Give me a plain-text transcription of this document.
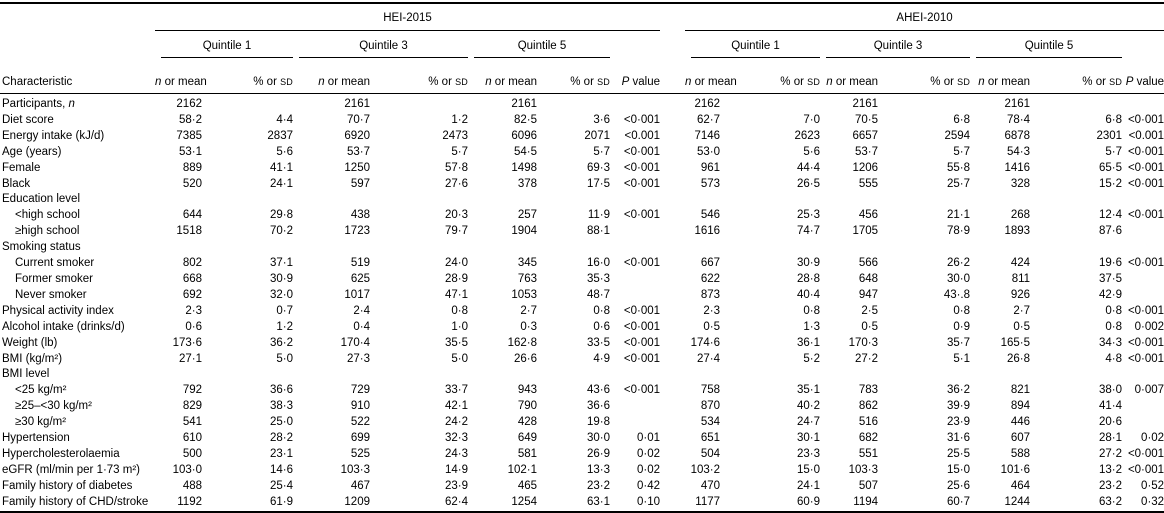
	HEI-2015								AHEI-2010						

	Quintile 1		Quintile 3		Quintile 5				Quintile 1		Quintile 3		Quintile 5		

Characteristic	n or mean	% or SD	n or mean	% or SD	n or mean	% or SD	P value		n or mean	% or SD	n or mean	% or SD	n or mean	% or SD	P value
Participants, n	2162		2161		2161				2162		2161		2161		
Diet score	58·2	4·4	70·7	1·2	82·5	3·6	<0·001		62·7	7·0	70·5	6·8	78·4	6·8	<0·001
Energy intake (kJ/d)	7385	2837	6920	2473	6096	2071	<0.001		7146	2623	6657	2594	6878	2301	<0.001
Age (years)	53·1	5·6	53·7	5·7	54·5	5·7	<0·001		53·0	5·6	53·7	5·7	54·3	5·7	<0·001
Female	889	41·1	1250	57·8	1498	69·3	<0·001		961	44·4	1206	55·8	1416	65·5	<0·001
Black	520	24·1	597	27·6	378	17·5	<0·001		573	26·5	555	25·7	328	15·2	<0·001
Education level															
<high school	644	29·8	438	20·3	257	11·9	<0·001		546	25·3	456	21·1	268	12·4	<0·001
≥high school	1518	70·2	1723	79·7	1904	88·1			1616	74·7	1705	78·9	1893	87·6	
Smoking status															
Current smoker	802	37·1	519	24·0	345	16·0	<0·001		667	30·9	566	26·2	424	19·6	<0·001
Former smoker	668	30·9	625	28·9	763	35·3			622	28·8	648	30·0	811	37·5	
Never smoker	692	32·0	1017	47·1	1053	48·7			873	40·4	947	43·.8	926	42·9	
Physical activity index	2·3	0·7	2·4	0·8	2·7	0·8	<0·001		2·3	0·8	2·5	0·8	2·7	0·8	<0·001
Alcohol intake (drinks/d)	0·6	1·2	0·4	1·0	0·3	0·6	<0·001		0·5	1·3	0·5	0·9	0·5	0·8	0·002
Weight (lb)	173·6	36·2	170·4	35·5	162·8	33·5	<0·001		174·6	36·1	170·3	35·7	165·5	34·3	<0·001
BMI (kg/m²)	27·1	5·0	27·3	5·0	26·6	4·9	<0·001		27·4	5·2	27·2	5·1	26·8	4·8	<0·001
BMI level															
<25 kg/m²	792	36·6	729	33·7	943	43·6	<0·001		758	35·1	783	36·2	821	38·0	0·007
≥25–<30 kg/m²	829	38·3	910	42·1	790	36·6			870	40·2	862	39·9	894	41·4	
≥30 kg/m²	541	25·0	522	24·2	428	19·8			534	24·7	516	23·9	446	20·6	
Hypertension	610	28·2	699	32·3	649	30·0	0·01		651	30·1	682	31·6	607	28·1	0·02
Hypercholesterolaemia	500	23·1	525	24·3	581	26·9	0·02		504	23·3	551	25·5	588	27·2	<0·001
eGFR (ml/min per 1·73 m²)	103·0	14·6	103·3	14·9	102·1	13·3	0·02		103·2	15·0	103·3	15·0	101·6	13·2	<0·001
Family history of diabetes	488	25·4	467	23·9	465	23·2	0·42		470	24·1	507	25·6	464	23·2	0·52
Family history of CHD/stroke	1192	61·9	1209	62·4	1254	63·1	0·10		1177	60·9	1194	60·7	1244	63·2	0·32
